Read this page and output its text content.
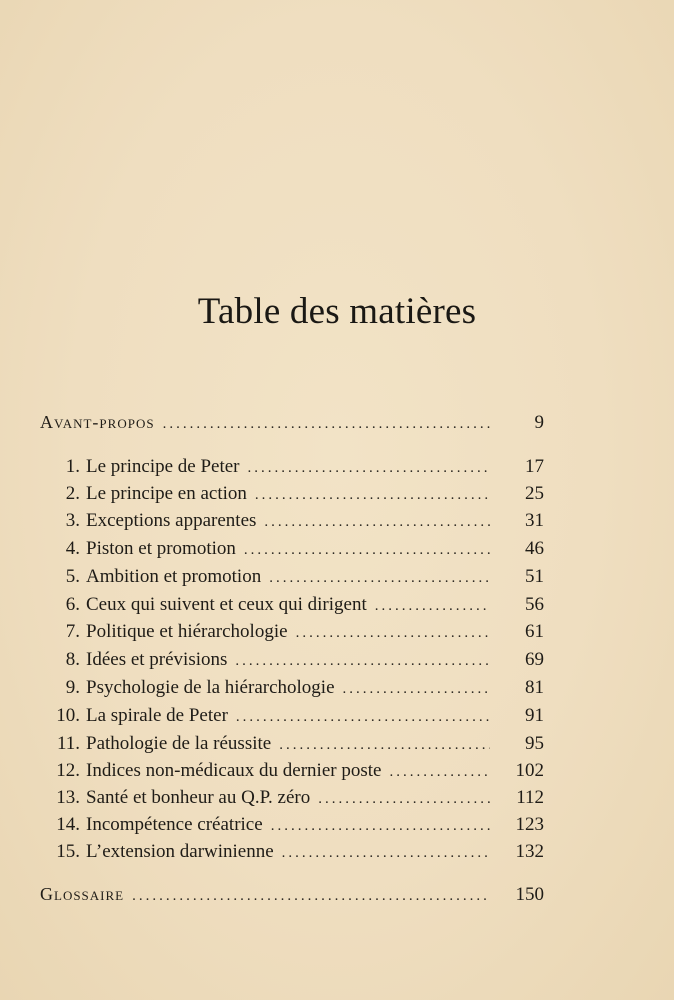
Table des matières
Avant-propos .....	9
1. Le principe de Peter .....	17
2. Le principe en action .....	25
3. Exceptions apparentes .....	31
4. Piston et promotion .....	46
5. Ambition et promotion .....	51
6. Ceux qui suivent et ceux qui dirigent .....	56
7. Politique et hiérarchologie .....	61
8. Idées et prévisions .....	69
9. Psychologie de la hiérarchologie .....	81
10. La spirale de Peter .....	91
11. Pathologie de la réussite .....	95
12. Indices non-médicaux du dernier poste .....	102
13. Santé et bonheur au Q.P. zéro .....	112
14. Incompétence créatrice .....	123
15. L’extension darwinienne .....	132
Glossaire .....	150
